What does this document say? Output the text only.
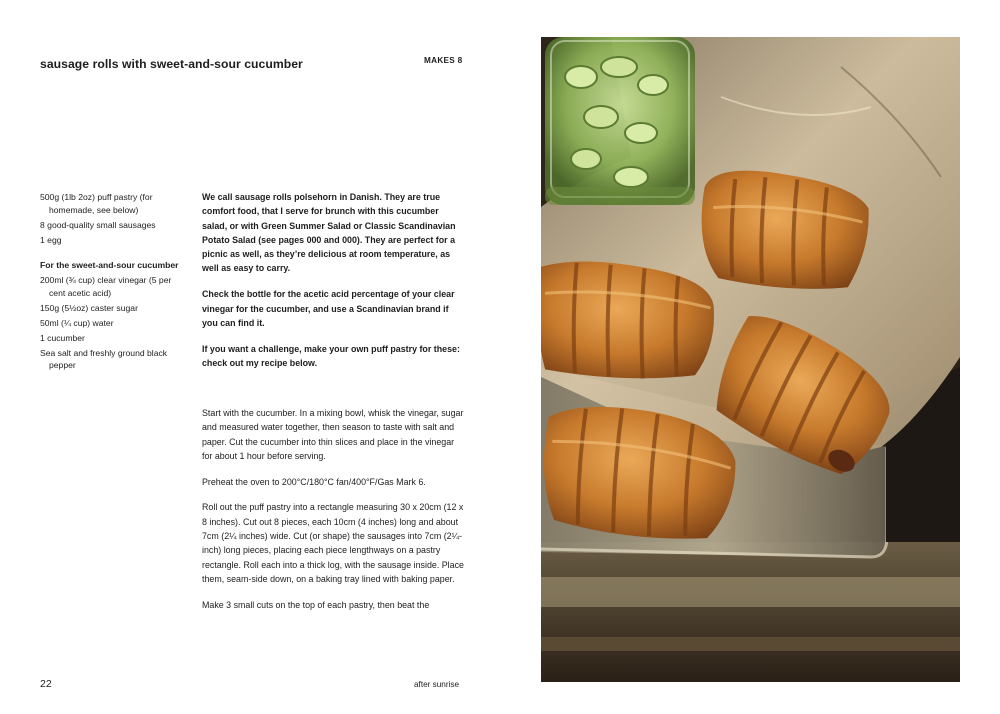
sausage rolls with sweet-and-sour cucumber	MAKES 8
500g (1lb 2oz) puff pastry (for homemade, see below)
8 good-quality small sausages
1 egg
For the sweet-and-sour cucumber
200ml (¾ cup) clear vinegar (5 per cent acetic acid)
150g (5½oz) caster sugar
50ml (¼ cup) water
1 cucumber
Sea salt and freshly ground black pepper

We call sausage rolls polsehorn in Danish. They are true comfort food, that I serve for brunch with this cucumber salad, or with Green Summer Salad or Classic Scandinavian Potato Salad (see pages 000 and 000). They are perfect for a picnic as well, as they’re delicious at room temperature, as well as easy to carry.

Check the bottle for the acetic acid percentage of your clear vinegar for the cucumber, and use a Scandinavian brand if you can find it.

If you want a challenge, make your own puff pastry for these: check out my recipe below.

Start with the cucumber. In a mixing bowl, whisk the vinegar, sugar and measured water together, then season to taste with salt and paper. Cut the cucumber into thin slices and place in the vinegar for about 1 hour before serving.

Preheat the oven to 200°C/180°C fan/400°F/Gas Mark 6.

Roll out the puff pastry into a rectangle measuring 30 x 20cm (12 x 8 inches). Cut out 8 pieces, each 10cm (4 inches) long and about 7cm (2¼ inches) wide. Cut (or shape) the sausages into 7cm (2¼-inch) long pieces, placing each piece lengthways on a pastry rectangle. Roll each into a thick log, with the sausage inside. Place them, seam-side down, on a baking tray lined with baking paper.

Make 3 small cuts on the top of each pastry, then beat the

22	after sunrise
